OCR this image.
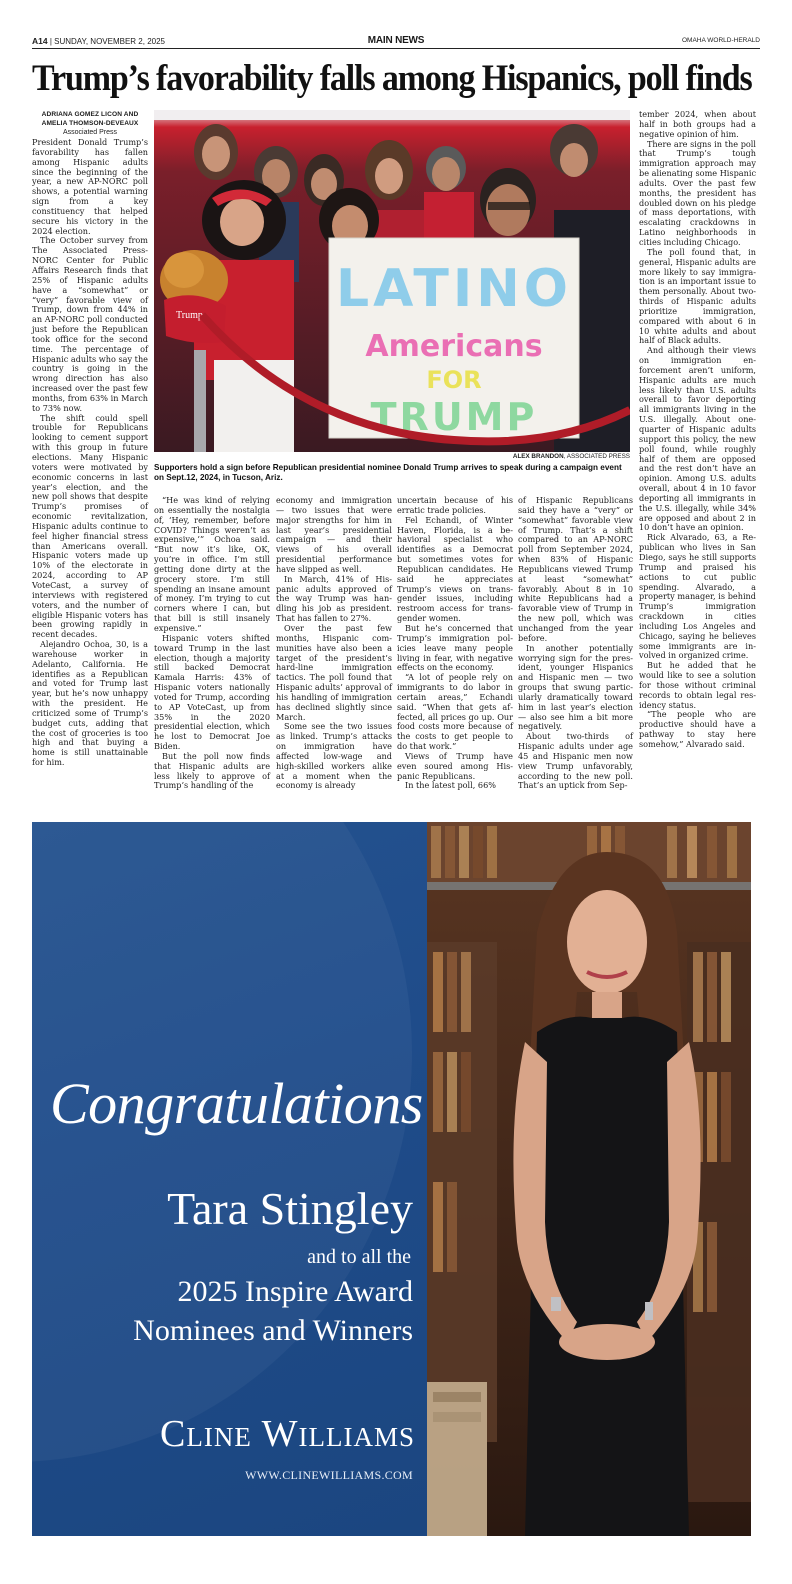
A14 | SUNDAY, NOVEMBER 2, 2025	MAIN NEWS	OMAHA WORLD-HERALD
Trump’s favorability falls among Hispanics, poll finds
ADRIANA GOMEZ LICON AND
AMELIA THOMSON-DEVEAUX
Associated Press

President Donald Trump’s favorability has fallen among Hispanic adults since the beginning of the year, a new AP-NORC poll shows, a potential warning sign from a key constituency that helped secure his victory in the 2024 election.

The October survey from The Associated Press-NORC Center for Public Affairs Research finds that 25% of Hispanic adults have a “somewhat” or “very” favorable view of Trump, down from 44% in an AP-NORC poll conducted just before the Republican took office for the second time. The percentage of Hispanic adults who say the country is going in the wrong direction has also increased over the past few months, from 63% in March to 73% now.

The shift could spell trouble for Republicans looking to cement support with this group in future elections. Many Hispanic voters were motivated by economic concerns in last year’s election, and the new poll shows that despite Trump’s promises of economic revitalization, Hispanic adults continue to feel higher financial stress than Americans overall. Hispanic voters made up 10% of the electorate in 2024, according to AP VoteCast, a survey of interviews with registered voters, and the number of eligible Hispanic voters has been growing rapidly in recent decades.

Alejandro Ochoa, 30, is a warehouse worker in Adelanto, California. He identifies as a Republican and voted for Trump last year, but he’s now unhappy with the president. He criticized some of Trump’s budget cuts, adding that the cost of groceries is too high and that buying a home is still unattainable for him.

Trump	LATINO
Americans
FOR
TRUMP
ALEX BRANDON, ASSOCIATED PRESS
Supporters hold a sign before Republican presidential nominee Donald Trump arrives to speak during a campaign event on Sept.12, 2024, in Tucson, Ariz.

“He was kind of relying on essentially the nostalgia of, ‘Hey, remember, before COVID? Things weren’t as expensive,’” Ochoa said. “But now it’s like, OK, you’re in office. I’m still getting done dirty at the grocery store. I’m still spending an insane amount of money. I’m trying to cut corners where I can, but that bill is still insanely expensive.”

Hispanic voters shifted toward Trump in the last election, though a majority still backed Democrat Kamala Harris: 43% of Hispanic voters nationally voted for Trump, according to AP VoteCast, up from 35% in the 2020 presidential election, which he lost to Democrat Joe Biden.

But the poll now finds that Hispanic adults are less likely to approve of Trump’s handling of the

economy and immigration — two issues that were major strengths for him in last year’s presidential campaign — and their views of his overall presidential performance have slipped as well.

In March, 41% of Hispanic adults approved of the way Trump was handling his job as president. That has fallen to 27%.

Over the past few months, Hispanic communities have also been a target of the president’s hard-line immigration tactics. The poll found that Hispanic adults’ approval of his handling of immigration has declined slightly since March.

Some see the two issues as linked. Trump’s attacks on immigration have affected low-wage and high-skilled workers alike at a moment when the economy is already

uncertain because of his erratic trade policies.

Fel Echandi, of Winter Haven, Florida, is a behavioral specialist who identifies as a Democrat but sometimes votes for Republican candidates. He said he appreciates Trump’s views on transgender issues, including restroom access for transgender women.

But he’s concerned that Trump’s immigration policies leave many people living in fear, with negative effects on the economy.

“A lot of people rely on immigrants to do labor in certain areas,” Echandi said. “When that gets affected, all prices go up. Our food costs more because of the costs to get people to do that work.”

Views of Trump have even soured among Hispanic Republicans.

In the latest poll, 66%

of Hispanic Republicans said they have a “very” or “somewhat” favorable view of Trump. That’s a shift compared to an AP-NORC poll from September 2024, when 83% of Hispanic Republicans viewed Trump at least “somewhat” favorably. About 8 in 10 white Republicans had a favorable view of Trump in the new poll, which was unchanged from the year before.

In another potentially worrying sign for the president, younger Hispanics and Hispanic men — two groups that swung particularly dramatically toward him in last year’s election — also see him a bit more negatively.

About two-thirds of Hispanic adults under age 45 and Hispanic men now view Trump unfavorably, according to the new poll. That’s an uptick from Sep-

tember 2024, when about half in both groups had a negative opinion of him.

There are signs in the poll that Trump’s tough immigration approach may be alienating some Hispanic adults. Over the past few months, the president has doubled down on his pledge of mass deportations, with escalating crackdowns in Latino neighborhoods in cities including Chicago.

The poll found that, in general, Hispanic adults are more likely to say immigration is an important issue to them personally. About two-thirds of Hispanic adults prioritize immigration, compared with about 6 in 10 white adults and about half of Black adults.

And although their views on immigration enforcement aren’t uniform, Hispanic adults are much less likely than U.S. adults overall to favor deporting all immigrants living in the U.S. illegally. About one-quarter of Hispanic adults support this policy, the new poll found, while roughly half of them are opposed and the rest don’t have an opinion. Among U.S. adults overall, about 4 in 10 favor deporting all immigrants in the U.S. illegally, while 34% are opposed and about 2 in 10 don’t have an opinion.

Rick Alvarado, 63, a Republican who lives in San Diego, says he still supports Trump and praised his actions to cut public spending. Alvarado, a property manager, is behind Trump’s immigration crackdown in cities including Los Angeles and Chicago, saying he believes some immigrants are involved in organized crime.

But he added that he would like to see a solution for those without criminal records to obtain legal residency status.

“The people who are productive should have a pathway to stay here somehow,” Alvarado said.

Congratulations
Tara Stingley
and to all the
2025 Inspire Award
Nominees and Winners
Cline Williams
WWW.CLINEWILLIAMS.COM
